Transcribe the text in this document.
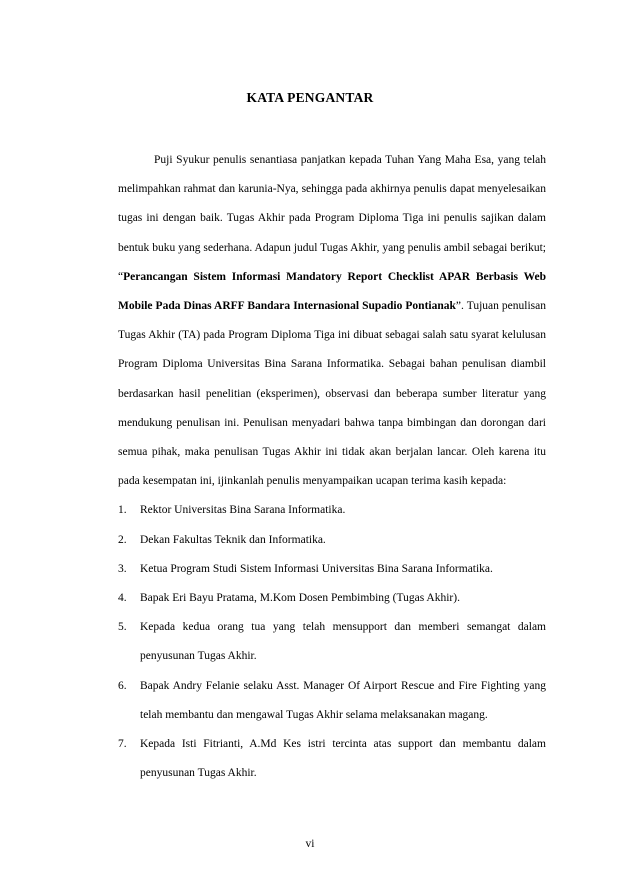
KATA PENGANTAR

Puji Syukur penulis senantiasa panjatkan kepada Tuhan Yang Maha Esa, yang telah melimpahkan rahmat dan karunia-Nya, sehingga pada akhirnya penulis dapat menyelesaikan tugas ini dengan baik. Tugas Akhir pada Program Diploma Tiga ini penulis sajikan dalam bentuk buku yang sederhana. Adapun judul Tugas Akhir, yang penulis ambil sebagai berikut; “Perancangan Sistem Informasi Mandatory Report Checklist APAR Berbasis Web Mobile Pada Dinas ARFF Bandara Internasional Supadio Pontianak”. Tujuan penulisan Tugas Akhir (TA) pada Program Diploma Tiga ini dibuat sebagai salah satu syarat kelulusan Program Diploma Universitas Bina Sarana Informatika. Sebagai bahan penulisan diambil berdasarkan hasil penelitian (eksperimen), observasi dan beberapa sumber literatur yang mendukung penulisan ini. Penulisan menyadari bahwa tanpa bimbingan dan dorongan dari semua pihak, maka penulisan Tugas Akhir ini tidak akan berjalan lancar. Oleh karena itu pada kesempatan ini, ijinkanlah penulis menyampaikan ucapan terima kasih kepada:

1. Rektor Universitas Bina Sarana Informatika.
2. Dekan Fakultas Teknik dan Informatika.
3. Ketua Program Studi Sistem Informasi Universitas Bina Sarana Informatika.
4. Bapak Eri Bayu Pratama, M.Kom Dosen Pembimbing (Tugas Akhir).
5. Kepada kedua orang tua yang telah mensupport dan memberi semangat dalam penyusunan Tugas Akhir.
6. Bapak Andry Felanie selaku Asst. Manager Of Airport Rescue and Fire Fighting yang telah membantu dan mengawal Tugas Akhir selama melaksanakan magang.
7. Kepada Isti Fitrianti, A.Md Kes istri tercinta atas support dan membantu dalam penyusunan Tugas Akhir.
vi
